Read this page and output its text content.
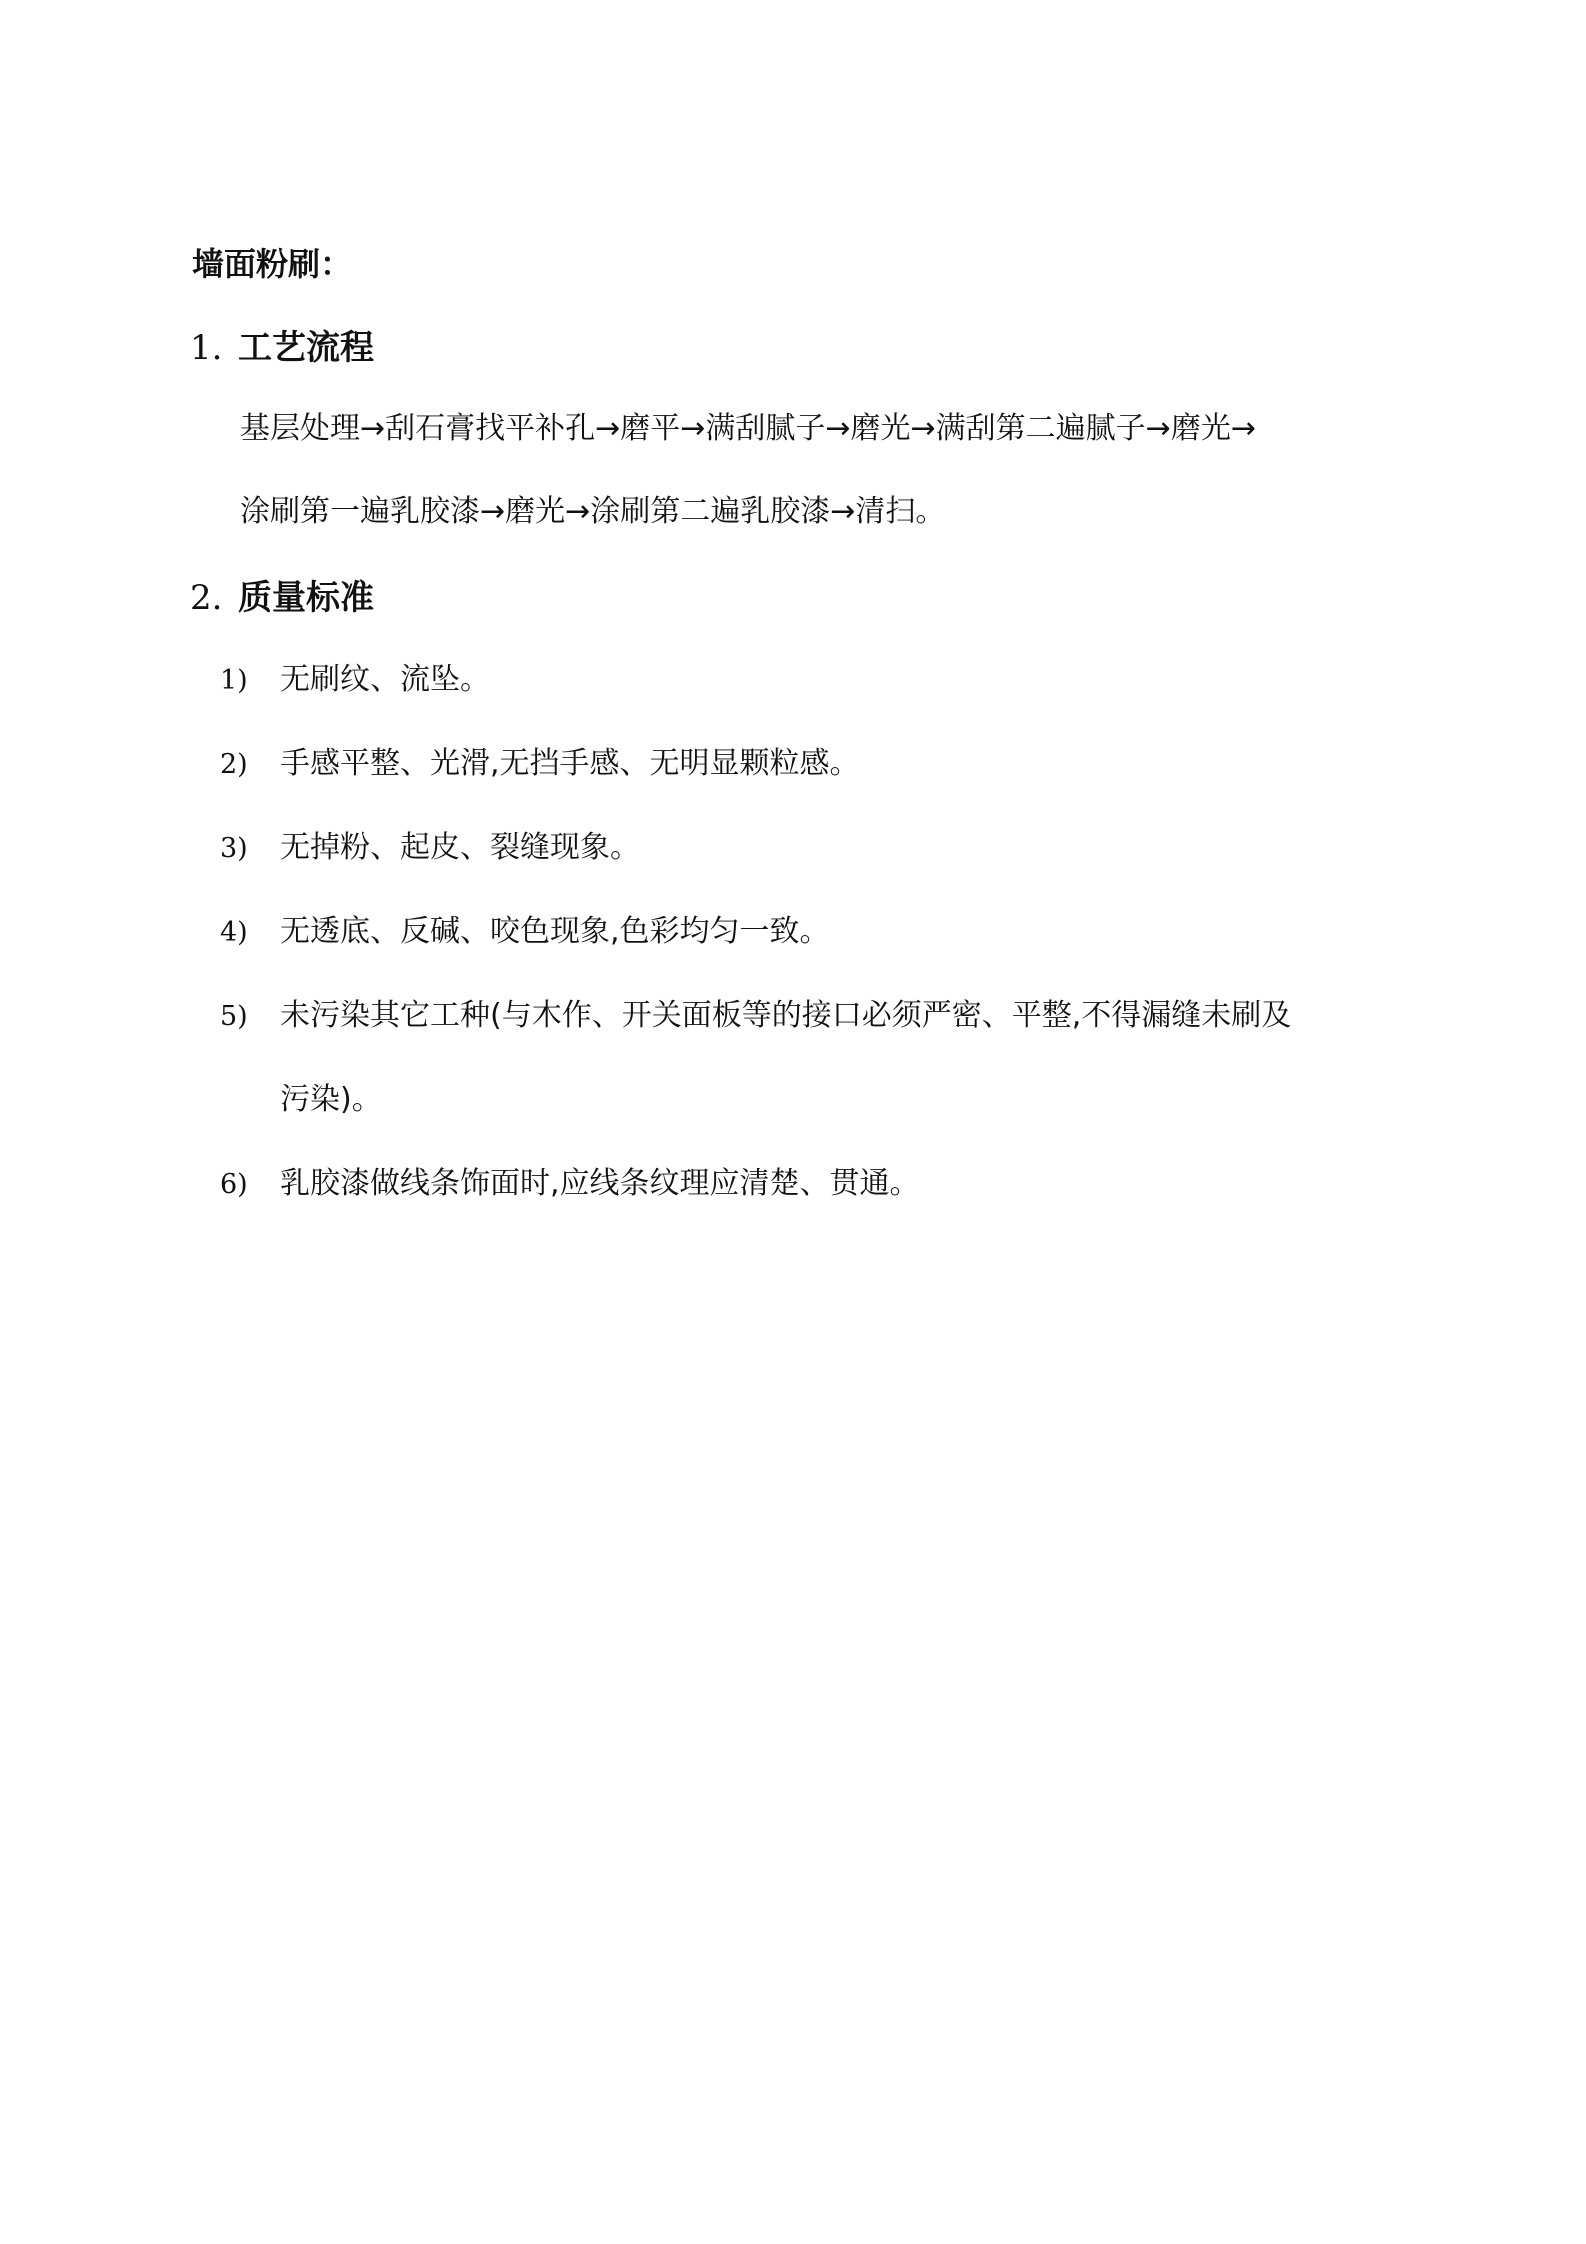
墙面粉刷：
1. 工艺流程
基层处理→刮石膏找平补孔→磨平→满刮腻子→磨光→满刮第二遍腻子→磨光→
涂刷第一遍乳胶漆→磨光→涂刷第二遍乳胶漆→清扫。
2. 质量标准
1) 无刷纹、流坠。
2) 手感平整、光滑,无挡手感、无明显颗粒感。
3) 无掉粉、起皮、裂缝现象。
4) 无透底、反碱、咬色现象,色彩均匀一致。
5) 未污染其它工种(与木作、开关面板等的接口必须严密、平整,不得漏缝未刷及
污染)。
6) 乳胶漆做线条饰面时,应线条纹理应清楚、贯通。
